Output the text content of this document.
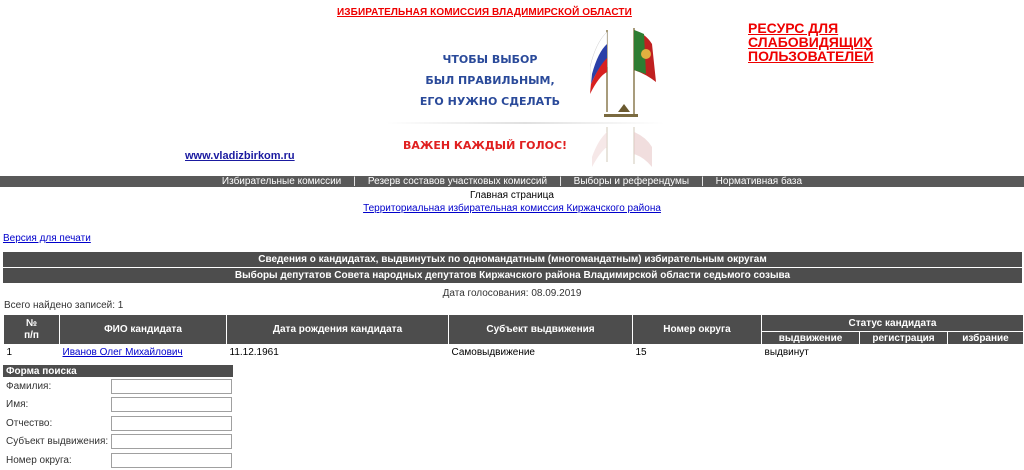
ИЗБИРАТЕЛЬНАЯ КОМИССИЯ ВЛАДИМИРСКОЙ ОБЛАСТИ
РЕСУРС ДЛЯ СЛАБОВИДЯЩИХ ПОЛЬЗОВАТЕЛЕЙ
ЧТОБЫ ВЫБОР
БЫЛ ПРАВИЛЬНЫМ,
ЕГО НУЖНО СДЕЛАТЬ
ВАЖЕН КАЖДЫЙ ГОЛОС!
www.vladizbirkom.ru
Избирательные комиссии	|	Резерв составов участковых комиссий	|	Выборы и референдумы	|	Нормативная база
Главная страница
Территориальная избирательная комиссия Киржачского района
Версия для печати
Сведения о кандидатах, выдвинутых по одномандатным (многомандатным) избирательным округам
Выборы депутатов Совета народных депутатов Киржачского района Владимирской области седьмого созыва
Дата голосования: 08.09.2019
Всего найдено записей: 1
№
п/п	ФИО кандидата	Дата рождения кандидата	Субъект выдвижения	Номер округа	Статус кандидата		
					выдвижение	регистрация	избрание
1	Иванов Олег Михайлович	11.12.1961	Самовыдвижение	15	выдвинут		
Форма поиска
Фамилия:
Имя:
Отчество:
Субъект выдвижения:
Номер округа:
